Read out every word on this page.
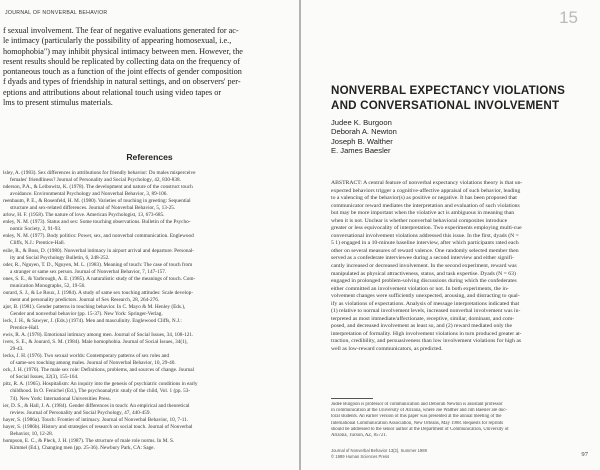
JOURNAL OF NONVERBAL BEHAVIOR
f sexual involvement. The fear of negative evaluations generated for ac-
le intimacy (particularly the possibility of appearing homosexual, i.e.,
homophobia") may inhibit physical intimacy between men. However, the
resent results should be replicated by collecting data on the frequency of
pontaneous touch as a function of the joint effects of gender composition
f dyads and types of friendship in natural settings, and on observers' per-
eptions and attributions about relational touch using video tapes or
lms to present stimulus materials.
References
lsley, A. (1983). Sex differences in attributions for friendly behavior: Do males misperceive
females' friendliness? Journal of Personality and Social Psychology, 42, 830-838.
nderson, P.A., & Leibowitz, K. (1978). The development and nature of the construct touch
avoidance. Environmental Psychology and Nonverbal Behavior, 3, 89-106.
reenbaum, P. E., & Rosenfeld, H. M. (1980). Varieties of touching in greeting: Sequential
structure and sex-related differences. Journal of Nonverbal Behavior, 5, 13-25.
arlow, H. F. (1958). The nature of love. American Psychologist, 13, 673-685.
enley, N. M. (1973). Status and sex: Some touching observations. Bulletin of the Psycho-
nomic Society, 2, 91-93.
enley, N. M. (1977). Body politics: Power, sex, and nonverbal communication. Englewood
Cliffs, N.J.: Prentice-Hall.
eslie, R., & Boss, D. (1980). Nonverbal intimacy in airport arrival and departure. Personal-
ity and Social Psychology Bulletin, 6, 248-252.
oder, R., Nguyen, T. D., Nguyen, M. L. (1983). Meaning of touch: The case of touch from
a stranger or same sex person. Journal of Nonverbal Behavior, 7, 147-157.
ones, S. E., & Yarbrough, A. E. (1985). A naturalistic study of the meanings of touch. Com-
munication Monographs, 52, 19-56.
ourard, S. J., & Le Roux, J. (1984). A study of same sex touching attitudes: Scale develop-
ment and personality predictors. Journal of Sex Research, 28, 264-276.
ajor, B. (1981). Gender patterns in touching behavior. In C. Mayo & M. Henley (Eds.),
Gender and nonverbal behavior (pp. 15-37). New York: Springer-Verlag.
leck, J. H., & Sawyer, J. (Eds.) (1974). Men and masculinity. Englewood Cliffs, N.J.:
Prentice-Hall.
ewis, R. A. (1978). Emotional intimacy among men. Journal of Social Issues, 34, 108-121.
ivers, S. E., & Jourard, S. M. (1984). Male homophobia. Journal of Social Issues, 34(1),
29-43.
lecks, J. H. (1976). Two sexual worlds: Contemporary patterns of sex roles and
of same-sex touching among males. Journal of Nonverbal Behavior, 10, 29-40.
ock, J. H. (1976). The male sex role: Definitions, problems, and sources of change. Journal
of Social Issues, 32(3), 155-164.
pitz, R. A. (1965). Hospitalism: An inquiry into the genesis of psychiatric conditions in early
childhood. In O. Fenichel (Ed.), The psychoanalytic study of the child, Vol. 1 (pp. 53-
74). New York: International Universities Press.
ier, D. S., & Hall, J. A. (1984). Gender differences in touch: An empirical and theoretical
review. Journal of Personality and Social Psychology, 47, 440-459.
hayer, S. (1986a). Touch: Frontier of intimacy. Journal of Nonverbal Behavior, 10, 7-11.
hayer, S. (1986b). History and strategies of research on social touch. Journal of Nonverbal
Behavior, 10, 12-28.
hompson, E. C., & Pleck, J. H. (1987). The structure of male role norms. In M. S.
Kimmel (Ed.), Changing men (pp. 25-36). Newbury Park, CA: Sage.
15
NONVERBAL EXPECTANCY VIOLATIONS
AND CONVERSATIONAL INVOLVEMENT
Judee K. Burgoon
Deborah A. Newton
Joseph B. Walther
E. James Baesler
ABSTRACT: A central feature of nonverbal expectancy violations theory is that un-
expected behaviors trigger a cognitive-affective appraisal of such behavior, leading
to a valencing of the behavior(s) as positive or negative. It has been proposed that
communicator reward mediates the interpretation and evaluation of such violations
but may be more important when the violative act is ambiguous in meaning than
when it is not. Unclear is whether nonverbal behavioral composites introduce
greater or less equivocality of interpretation. Two experiments employing multi-cue
conversational involvement violations addressed this issue. In the first, dyads (N =
5 1) engaged in a 10-minute baseline interview, after which participants rated each
other on several measures of reward valence. One randomly selected member then
served as a confederate interviewee during a second interview and either signifi-
cantly increased or decreased involvement. In the second experiment, reward was
manipulated as physical attractiveness, status, and task expertise. Dyads (N = 63)
engaged in prolonged problem-solving discussions during which the confederates
either committed an involvement violation or not. In both experiments, the in-
volvement changes were sufficiently unexpected, arousing, and distracting to qual-
ify as violations of expectations. Analysis of message interpretations indicated that
(1) relative to normal involvement levels, increased nonverbal involvement was in-
terpreted as most immediate/affectionate, receptive, similar, dominant, and com-
posed, and decreased involvement as least so, and (2) reward mediated only the
interpretation of formality. High involvement violations in turn produced greater at-
traction, credibility, and persuasiveness than low involvement violations for high as
well as low-reward communicators, as predicted.
Judee Burgoon is professor of communication and Deborah Newton is assistant professor
in communication at the University of Arizona, where Joe Walther and Jim Baesler are doc-
toral students. An earlier version of this paper was presented at the annual meeting of the
International Communication Association, New Orleans, May 1988. Requests for reprints
should be addressed to the senior author at the Department of Communication, University of
Arizona, Tucson, AZ, 85721.
Journal of Nonverbal Behavior 13(2), Summer 1989
© 1989 Human Sciences Press	97
